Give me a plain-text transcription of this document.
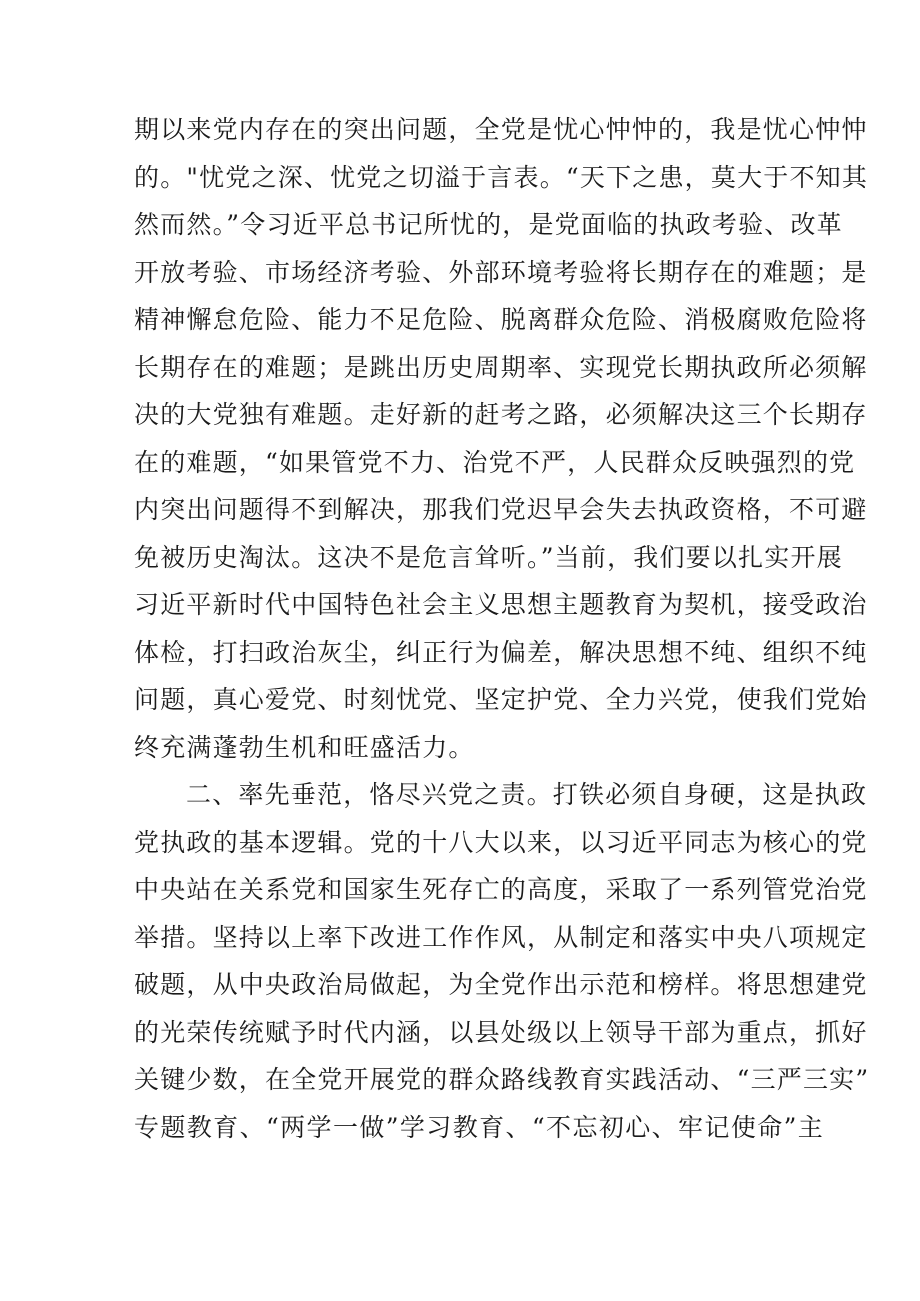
期以来党内存在的突出问题，全党是忧心忡忡的，我是忧心忡忡
的。"忧党之深、忧党之切溢于言表。“天下之患，莫大于不知其
然而然。”令习近平总书记所忧的，是党面临的执政考验、改革
开放考验、市场经济考验、外部环境考验将长期存在的难题；是
精神懈怠危险、能力不足危险、脱离群众危险、消极腐败危险将
长期存在的难题；是跳出历史周期率、实现党长期执政所必须解
决的大党独有难题。走好新的赶考之路，必须解决这三个长期存
在的难题，“如果管党不力、治党不严，人民群众反映强烈的党
内突出问题得不到解决，那我们党迟早会失去执政资格，不可避
免被历史淘汰。这决不是危言耸听。”当前，我们要以扎实开展
习近平新时代中国特色社会主义思想主题教育为契机，接受政治
体检，打扫政治灰尘，纠正行为偏差，解决思想不纯、组织不纯
问题，真心爱党、时刻忧党、坚定护党、全力兴党，使我们党始
终充满蓬勃生机和旺盛活力。
二、率先垂范，恪尽兴党之责。打铁必须自身硬，这是执政
党执政的基本逻辑。党的十八大以来，以习近平同志为核心的党
中央站在关系党和国家生死存亡的高度，采取了一系列管党治党
举措。坚持以上率下改进工作作风，从制定和落实中央八项规定
破题，从中央政治局做起，为全党作出示范和榜样。将思想建党
的光荣传统赋予时代内涵，以县处级以上领导干部为重点，抓好
关键少数，在全党开展党的群众路线教育实践活动、“三严三实”
专题教育、“两学一做”学习教育、“不忘初心、牢记使命”主
